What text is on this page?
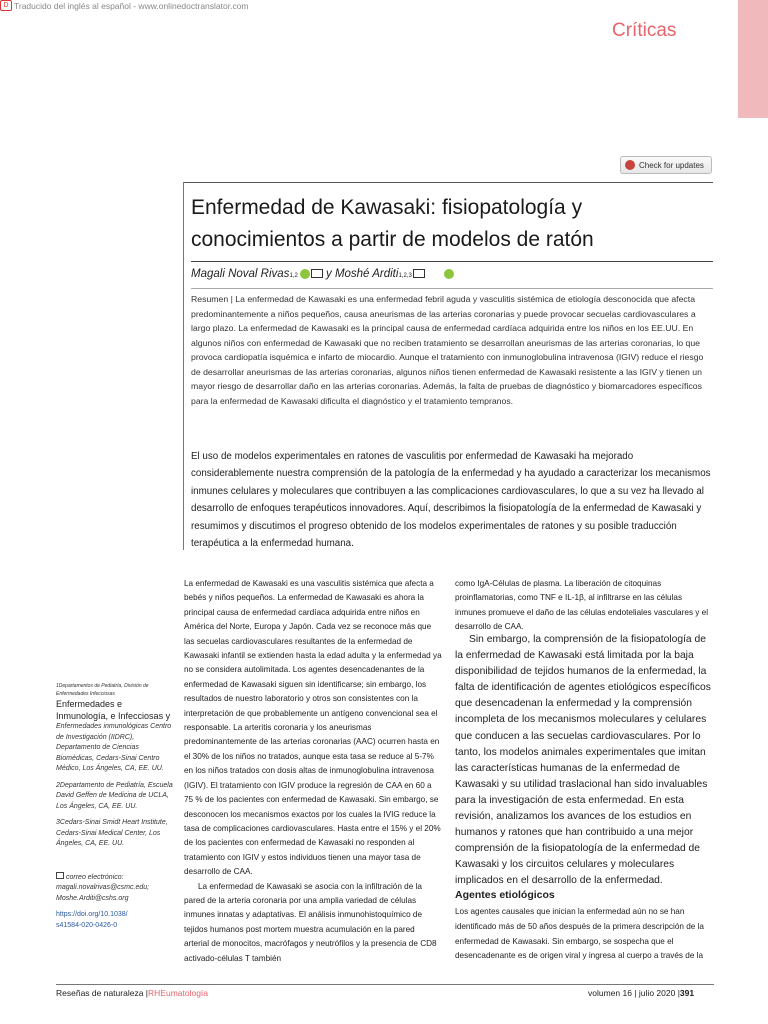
D Traducido del inglés al español - www.onlinedoctranslator.com
Críticas
Check for updates
Enfermedad de Kawasaki: fisiopatología y conocimientos a partir de modelos de ratón
Magali Noval Rivas1,2 y Moshé Arditi1,2,3
Resumen | La enfermedad de Kawasaki es una enfermedad febril aguda y vasculitis sistémica de etiología desconocida que afecta predominantemente a niños pequeños, causa aneurismas de las arterias coronarias y puede provocar secuelas cardiovasculares a largo plazo. La enfermedad de Kawasaki es la principal causa de enfermedad cardíaca adquirida entre los niños en los EE.UU. En algunos niños con enfermedad de Kawasaki que no reciben tratamiento se desarrollan aneurismas de las arterias coronarias, lo que provoca cardiopatía isquémica e infarto de miocardio. Aunque el tratamiento con inmunoglobulina intravenosa (IGIV) reduce el riesgo de desarrollar aneurismas de las arterias coronarias, algunos niños tienen enfermedad de Kawasaki resistente a las IGIV y tienen un mayor riesgo de desarrollar daño en las arterias coronarias. Además, la falta de pruebas de diagnóstico y biomarcadores específicos para la enfermedad de Kawasaki dificulta el diagnóstico y el tratamiento tempranos.
El uso de modelos experimentales en ratones de vasculitis por enfermedad de Kawasaki ha mejorado considerablemente nuestra comprensión de la patología de la enfermedad y ha ayudado a caracterizar los mecanismos inmunes celulares y moleculares que contribuyen a las complicaciones cardiovasculares, lo que a su vez ha llevado al desarrollo de enfoques terapéuticos innovadores. Aquí, describimos la fisiopatología de la enfermedad de Kawasaki y resumimos y discutimos el progreso obtenido de los modelos experimentales de ratones y su posible traducción terapéutica a la enfermedad humana.
1Departamentos de Pediatría, División de Enfermedades Infecciosas
Enfermedades e Inmunología, e Infecciosas y
Enfermedades inmunológicas Centro de Investigación (IIDRC), Departamento de Ciencias Biomédicas, Cedars-Sinai Centro Médico, Los Ángeles, CA, EE. UU.
2Departamento de Pediatría, Escuela David Geffen de Medicina de UCLA, Los Ángeles, CA, EE. UU.
3Cedars-Sinai Smidt Heart Institute, Cedars-Sinai Medical Center, Los Ángeles, CA, EE. UU.
correo electrónico:
magali.novalrivas@csmc.edu;
Moshe.Arditi@cshs.org
https://doi.org/10.1038/
s41584-020-0426-0

La enfermedad de Kawasaki es una vasculitis sistémica que afecta a bebés y niños pequeños. La enfermedad de Kawasaki es ahora la principal causa de enfermedad cardíaca adquirida entre niños en América del Norte, Europa y Japón. Cada vez se reconoce más que las secuelas cardiovasculares resultantes de la enfermedad de Kawasaki infantil se extienden hasta la edad adulta y la enfermedad ya no se considera autolimitada. Los agentes desencadenantes de la enfermedad de Kawasaki siguen sin identificarse; sin embargo, los resultados de nuestro laboratorio y otros son consistentes con la interpretación de que probablemente un antígeno convencional sea el responsable. La arteritis coronaria y los aneurismas predominantemente de las arterias coronarias (AAC) ocurren hasta en el 30% de los niños no tratados, aunque esta tasa se reduce al 5-7% en los niños tratados con dosis altas de inmunoglobulina intravenosa (IGIV). El tratamiento con IGIV produce la regresión de CAA en 60 a 75 % de los pacientes con enfermedad de Kawasaki. Sin embargo, se desconocen los mecanismos exactos por los cuales la IVIG reduce la tasa de complicaciones cardiovasculares. Hasta entre el 15% y el 20% de los pacientes con enfermedad de Kawasaki no responden al tratamiento con IGIV y estos individuos tienen una mayor tasa de desarrollo de CAA.

La enfermedad de Kawasaki se asocia con la infiltración de la pared de la arteria coronaria por una amplia variedad de células inmunes innatas y adaptativas. El análisis inmunohistoquímico de tejidos humanos post mortem muestra acumulación en la pared arterial de monocitos, macrófagos y neutrófilos y la presencia de CD8 activado-células T también

como IgA-Células de plasma. La liberación de citoquinas proinflamatorias, como TNF e IL-1β, al infiltrarse en las células inmunes promueve el daño de las células endoteliales vasculares y el desarrollo de CAA.

Sin embargo, la comprensión de la fisiopatología de la enfermedad de Kawasaki está limitada por la baja disponibilidad de tejidos humanos de la enfermedad, la falta de identificación de agentes etiológicos específicos que desencadenan la enfermedad y la comprensión incompleta de los mecanismos moleculares y celulares que conducen a las secuelas cardiovasculares. Por lo tanto, los modelos animales experimentales que imitan las características humanas de la enfermedad de Kawasaki y su utilidad traslacional han sido invaluables para la investigación de esta enfermedad. En esta revisión, analizamos los avances de los estudios en humanos y ratones que han contribuido a una mejor comprensión de la fisiopatología de la enfermedad de Kawasaki y los circuitos celulares y moleculares implicados en el desarrollo de la enfermedad.

Agentes etiológicos

Los agentes causales que inician la enfermedad aún no se han identificado más de 50 años después de la primera descripción de la enfermedad de Kawasaki. Sin embargo, se sospecha que el desencadenante es de origen viral y ingresa al cuerpo a través de la

Reseñas de naturaleza |RHEumatología	volumen 16 | julio 2020 |391
